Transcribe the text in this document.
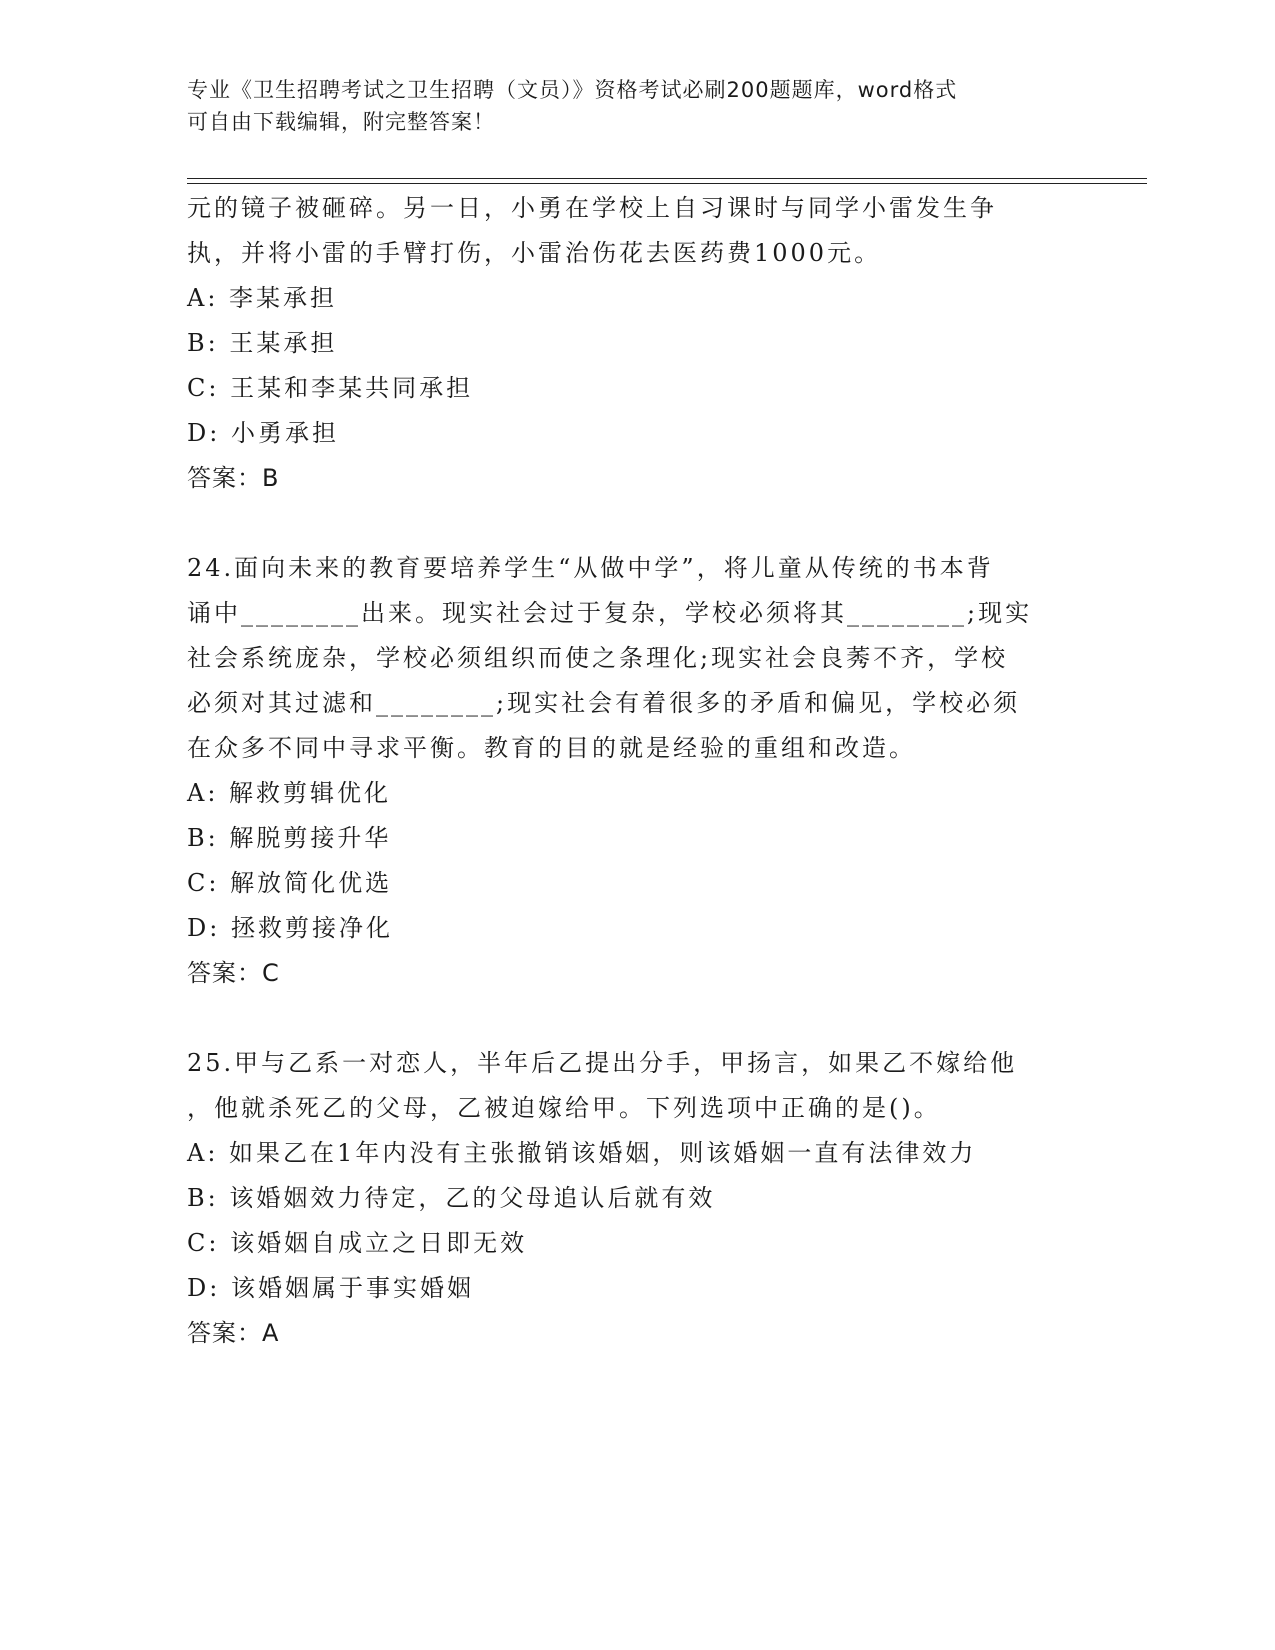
专业《卫生招聘考试之卫生招聘（文员）》资格考试必刷200题题库，word格式
可自由下载编辑，附完整答案！
元的镜子被砸碎。另一日，小勇在学校上自习课时与同学小雷发生争
执，并将小雷的手臂打伤，小雷治伤花去医药费1000元。
A: 李某承担
B: 王某承担
C: 王某和李某共同承担
D: 小勇承担
答案：B
24.面向未来的教育要培养学生“从做中学”，将儿童从传统的书本背
诵中________出来。现实社会过于复杂，学校必须将其________;现实
社会系统庞杂，学校必须组织而使之条理化;现实社会良莠不齐，学校
必须对其过滤和________;现实社会有着很多的矛盾和偏见，学校必须
在众多不同中寻求平衡。教育的目的就是经验的重组和改造。
A: 解救剪辑优化
B: 解脱剪接升华
C: 解放简化优选
D: 拯救剪接净化
答案：C
25.甲与乙系一对恋人，半年后乙提出分手，甲扬言，如果乙不嫁给他
，他就杀死乙的父母，乙被迫嫁给甲。下列选项中正确的是()。
A: 如果乙在1年内没有主张撤销该婚姻，则该婚姻一直有法律效力
B: 该婚姻效力待定，乙的父母追认后就有效
C: 该婚姻自成立之日即无效
D: 该婚姻属于事实婚姻
答案：A
